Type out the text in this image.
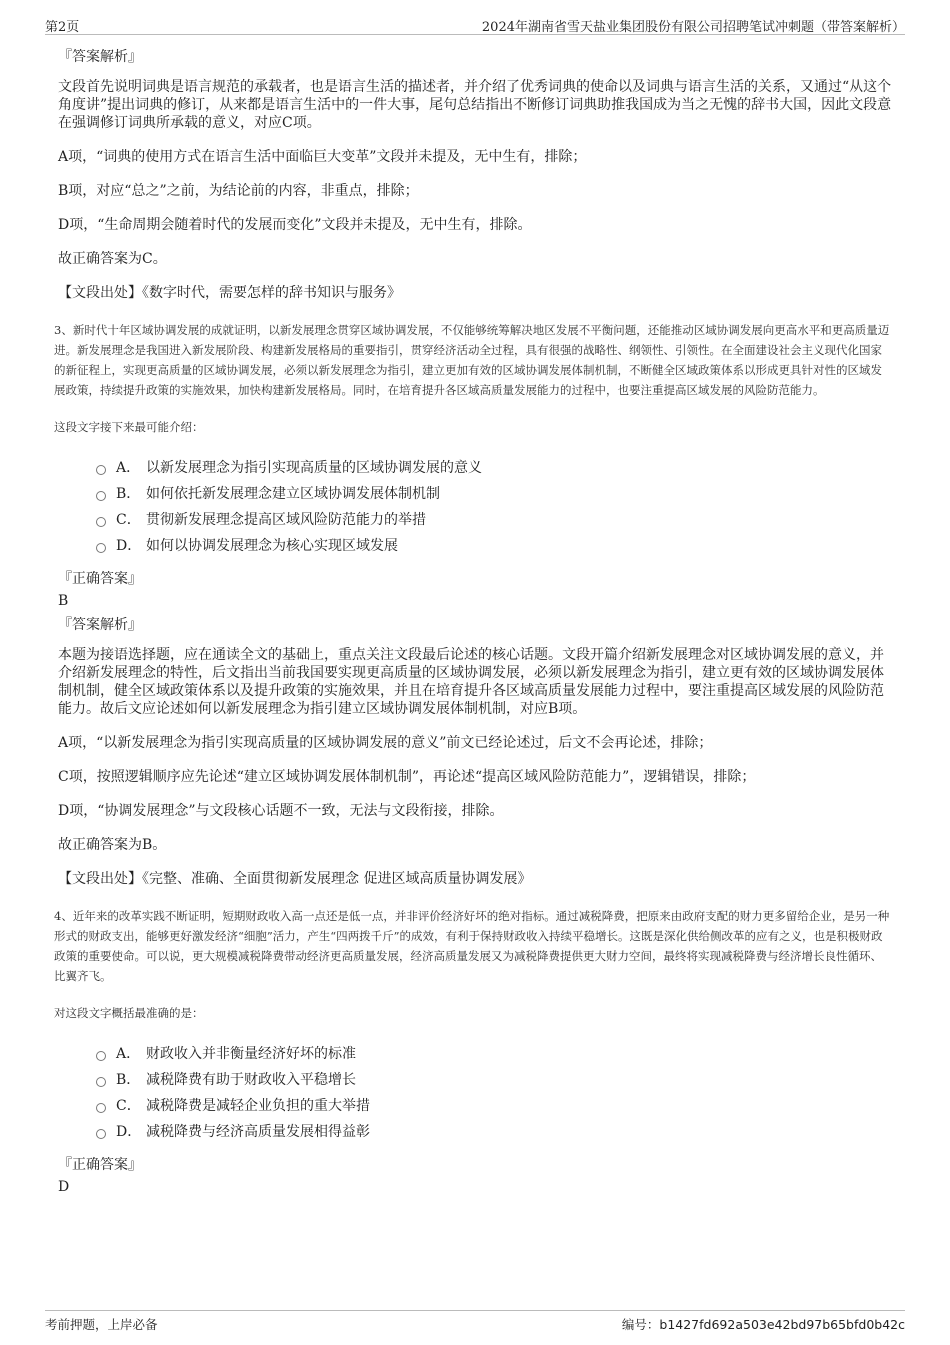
第2页	2024年湖南省雪天盐业集团股份有限公司招聘笔试冲刺题（带答案解析）
『答案解析』

文段首先说明词典是语言规范的承载者，也是语言生活的描述者，并介绍了优秀词典的使命以及词典与语言生活的关系，又通过“从这个角度讲”提出词典的修订，从来都是语言生活中的一件大事，尾句总结指出不断修订词典助推我国成为当之无愧的辞书大国，因此文段意在强调修订词典所承载的意义，对应C项。

A项，“词典的使用方式在语言生活中面临巨大变革”文段并未提及，无中生有，排除；

B项，对应“总之”之前，为结论前的内容，非重点，排除；

D项，“生命周期会随着时代的发展而变化”文段并未提及，无中生有，排除。

故正确答案为C。

【文段出处】《数字时代，需要怎样的辞书知识与服务》

3、新时代十年区域协调发展的成就证明，以新发展理念贯穿区域协调发展，不仅能够统筹解决地区发展不平衡问题，还能推动区域协调发展向更高水平和更高质量迈进。新发展理念是我国进入新发展阶段、构建新发展格局的重要指引，贯穿经济活动全过程，具有很强的战略性、纲领性、引领性。在全面建设社会主义现代化国家的新征程上，实现更高质量的区域协调发展，必须以新发展理念为指引，建立更加有效的区域协调发展体制机制，不断健全区域政策体系以形成更具针对性的区域发展政策，持续提升政策的实施效果，加快构建新发展格局。同时，在培育提升各区域高质量发展能力的过程中，也要注重提高区域发展的风险防范能力。

这段文字接下来最可能介绍：

A． 以新发展理念为指引实现高质量的区域协调发展的意义
B． 如何依托新发展理念建立区域协调发展体制机制
C． 贯彻新发展理念提高区域风险防范能力的举措
D． 如何以协调发展理念为核心实现区域发展
『正确答案』
B
『答案解析』

本题为接语选择题，应在通读全文的基础上，重点关注文段最后论述的核心话题。文段开篇介绍新发展理念对区域协调发展的意义，并介绍新发展理念的特性，后文指出当前我国要实现更高质量的区域协调发展，必须以新发展理念为指引，建立更有效的区域协调发展体制机制，健全区域政策体系以及提升政策的实施效果，并且在培育提升各区域高质量发展能力过程中，要注重提高区域发展的风险防范能力。故后文应论述如何以新发展理念为指引建立区域协调发展体制机制，对应B项。

A项，“以新发展理念为指引实现高质量的区域协调发展的意义”前文已经论述过，后文不会再论述，排除；

C项，按照逻辑顺序应先论述“建立区域协调发展体制机制”，再论述“提高区域风险防范能力”，逻辑错误，排除；

D项，“协调发展理念”与文段核心话题不一致，无法与文段衔接，排除。

故正确答案为B。

【文段出处】《完整、准确、全面贯彻新发展理念 促进区域高质量协调发展》

4、近年来的改革实践不断证明，短期财政收入高一点还是低一点，并非评价经济好坏的绝对指标。通过减税降费，把原来由政府支配的财力更多留给企业，是另一种形式的财政支出，能够更好激发经济“细胞”活力，产生“四两拨千斤”的成效，有利于保持财政收入持续平稳增长。这既是深化供给侧改革的应有之义，也是积极财政政策的重要使命。可以说，更大规模减税降费带动经济更高质量发展，经济高质量发展又为减税降费提供更大财力空间，最终将实现减税降费与经济增长良性循环、比翼齐飞。

对这段文字概括最准确的是：

A． 财政收入并非衡量经济好坏的标准
B． 减税降费有助于财政收入平稳增长
C． 减税降费是减轻企业负担的重大举措
D． 减税降费与经济高质量发展相得益彰
『正确答案』
D
考前押题，上岸必备	编号：b1427fd692a503e42bd97b65bfd0b42c
